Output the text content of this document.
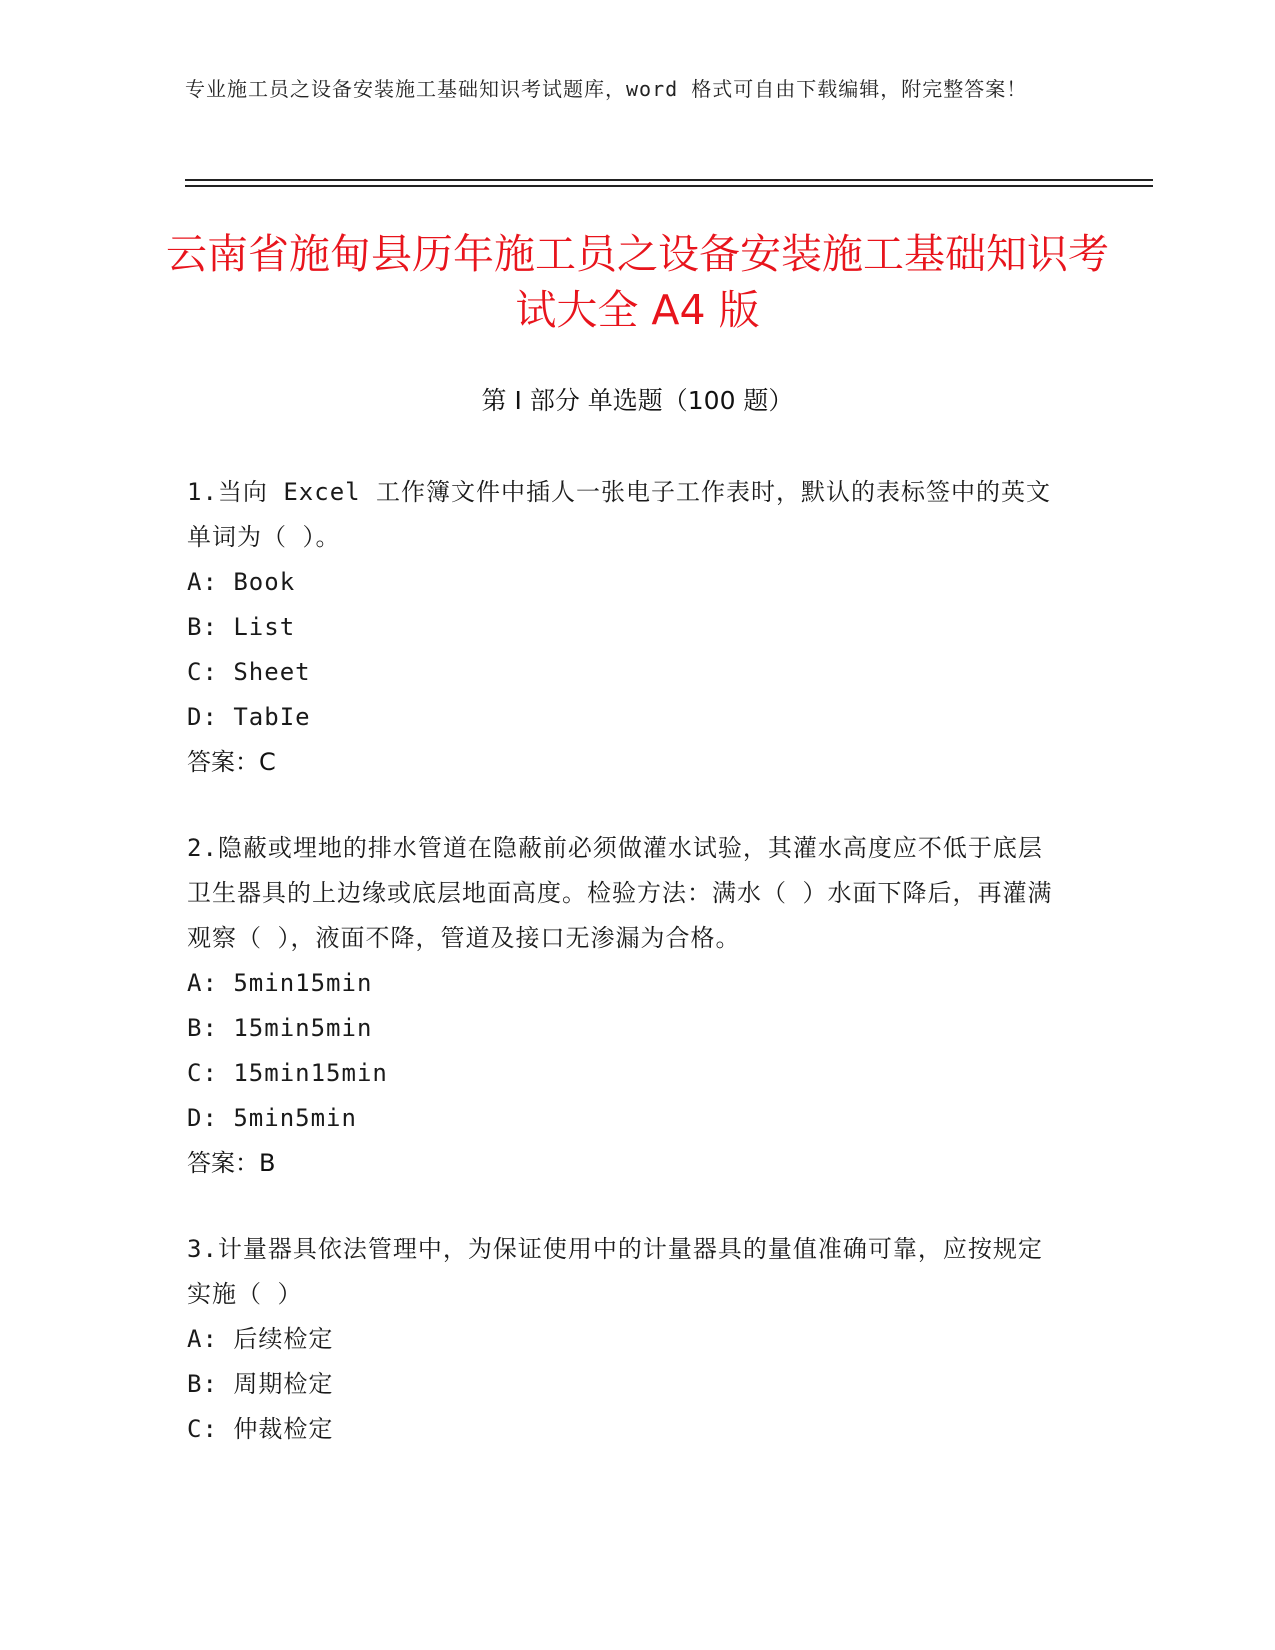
专业施工员之设备安装施工基础知识考试题库，word 格式可自由下载编辑，附完整答案！
云南省施甸县历年施工员之设备安装施工基础知识考试大全 A4 版
第 I 部分 单选题（100 题）
1.当向 Excel 工作簿文件中插人一张电子工作表时，默认的表标签中的英文单词为（ ）。
A: Book
B: List
C: Sheet
D: TabIe
答案：C
2.隐蔽或埋地的排水管道在隐蔽前必须做灌水试验，其灌水高度应不低于底层卫生器具的上边缘或底层地面高度。检验方法：满水（ ）水面下降后，再灌满观察（ ），液面不降，管道及接口无渗漏为合格。
A: 5min15min
B: 15min5min
C: 15min15min
D: 5min5min
答案：B
3.计量器具依法管理中，为保证使用中的计量器具的量值准确可靠，应按规定实施（ ）
A: 后续检定
B: 周期检定
C: 仲裁检定
